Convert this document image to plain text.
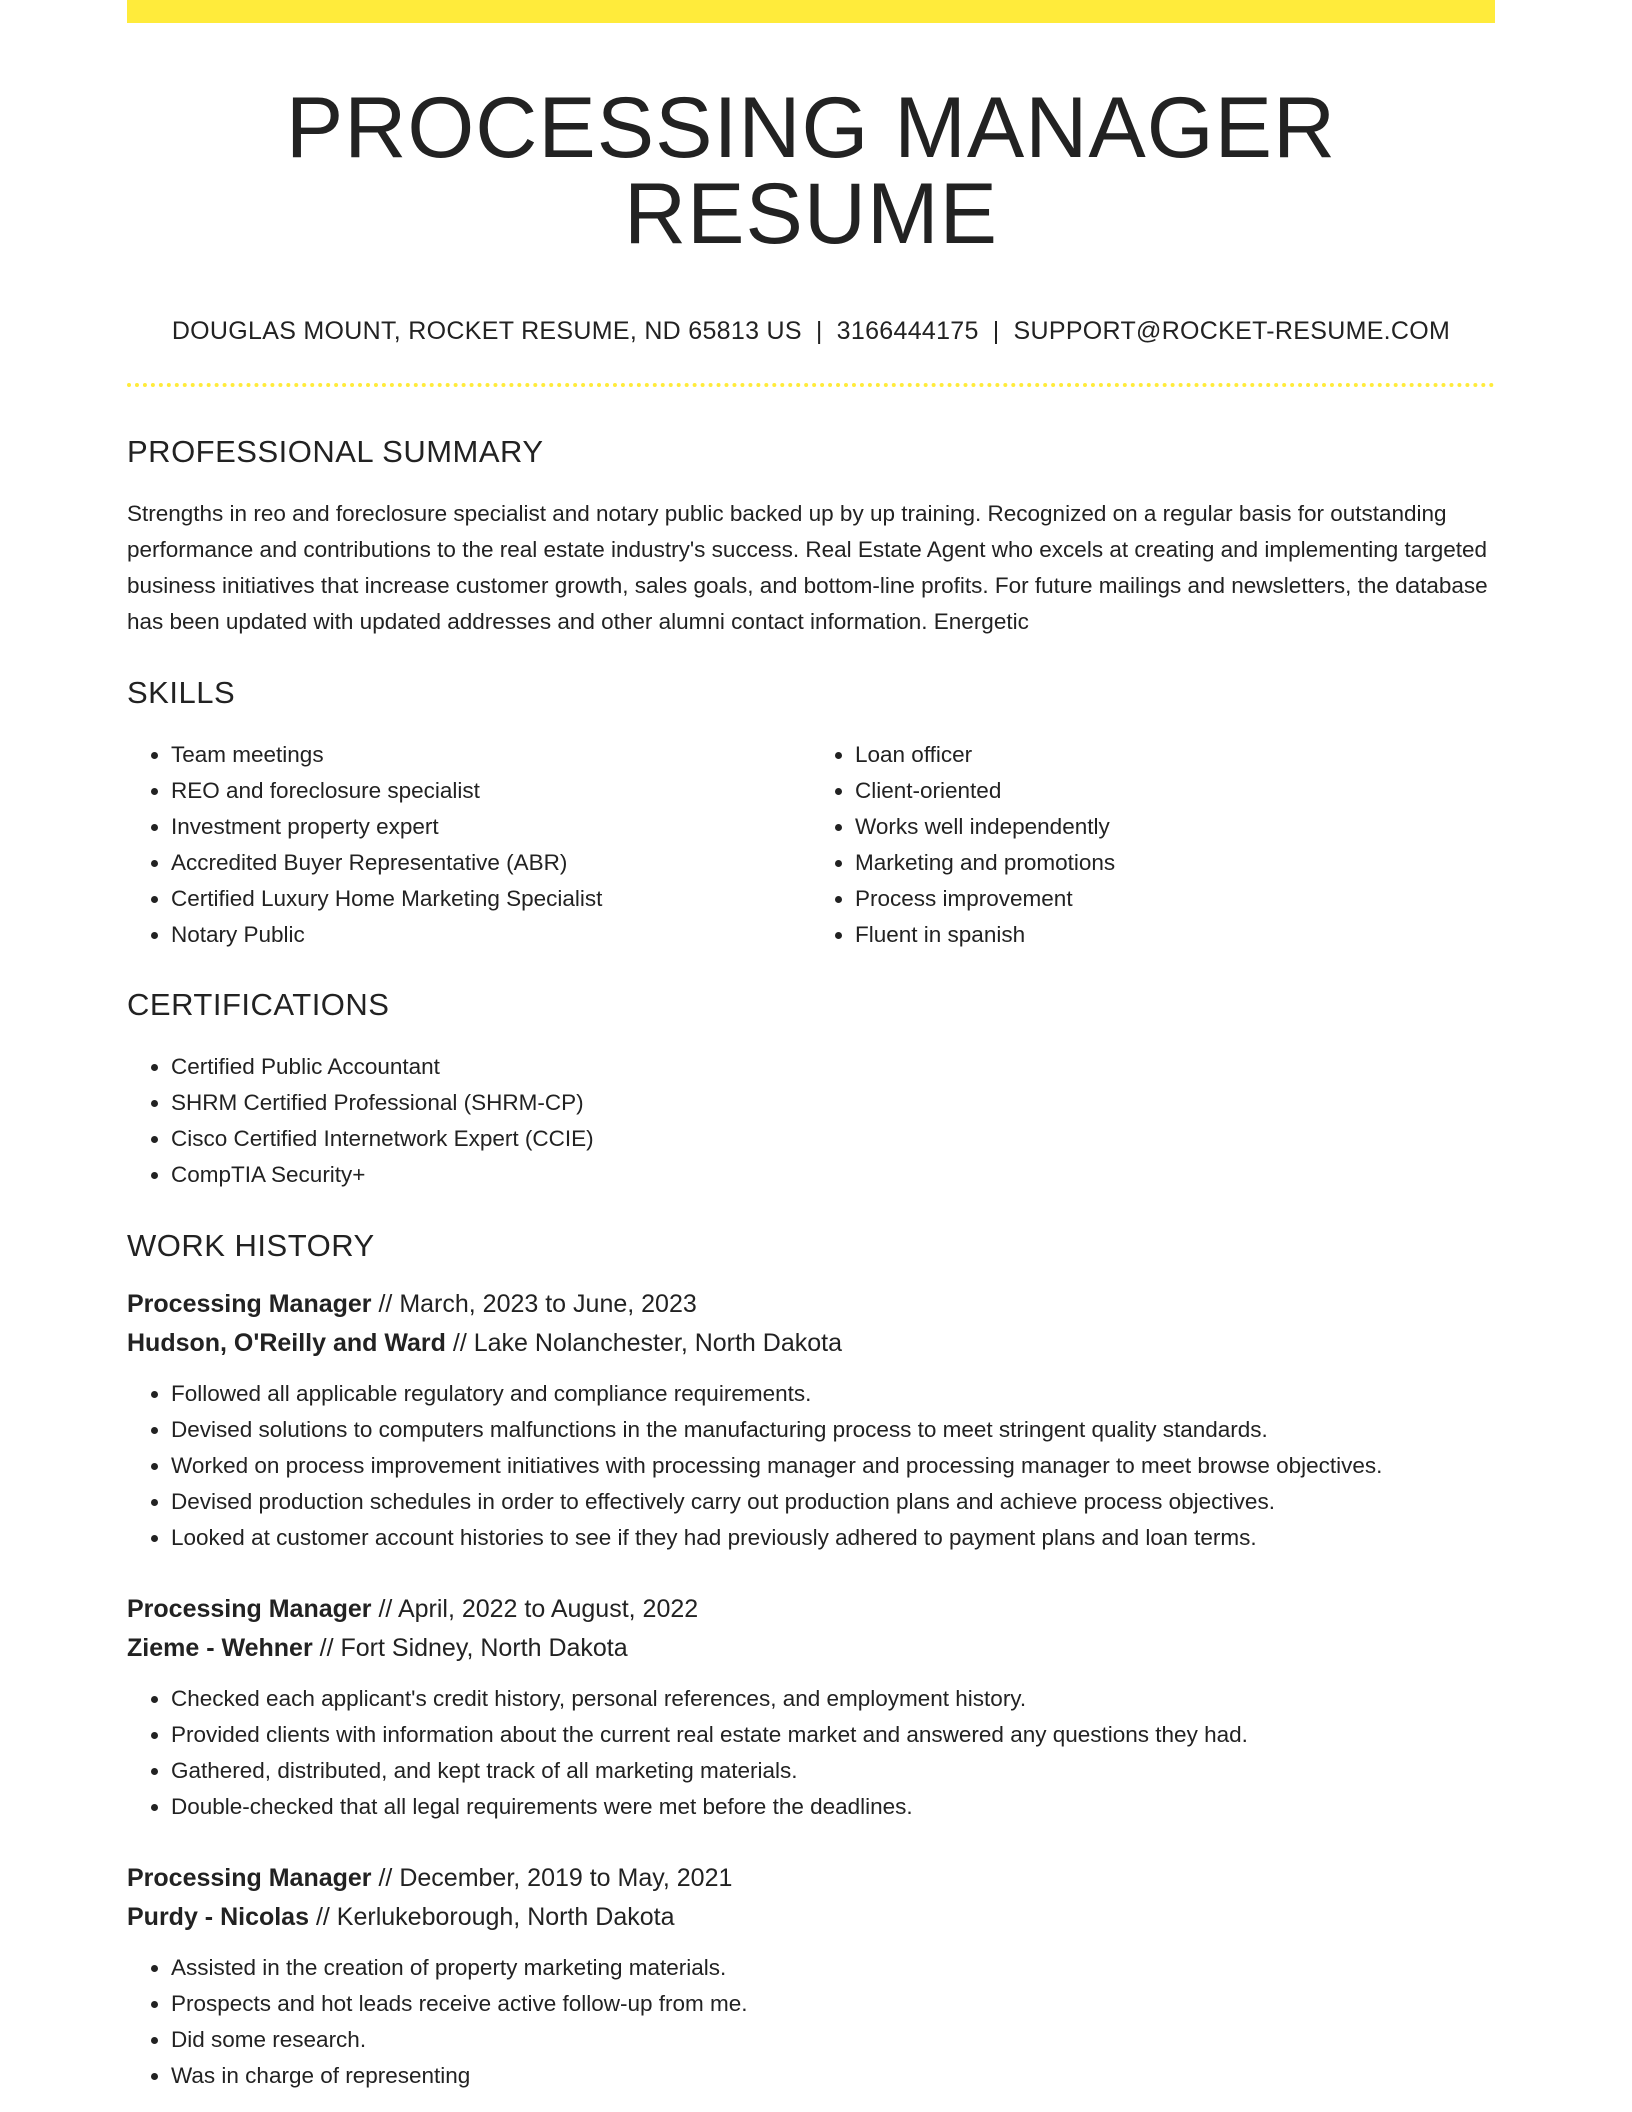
PROCESSING MANAGER RESUME
DOUGLAS MOUNT, ROCKET RESUME, ND 65813 US | 3166444175 | SUPPORT@ROCKET-RESUME.COM
PROFESSIONAL SUMMARY

Strengths in reo and foreclosure specialist and notary public backed up by up training. Recognized on a regular basis for outstanding performance and contributions to the real estate industry's success. Real Estate Agent who excels at creating and implementing targeted business initiatives that increase customer growth, sales goals, and bottom-line profits. For future mailings and newsletters, the database has been updated with updated addresses and other alumni contact information. Energetic

SKILLS
• Team meetings
• REO and foreclosure specialist
• Investment property expert
• Accredited Buyer Representative (ABR)
• Certified Luxury Home Marketing Specialist
• Notary Public
• Loan officer
• Client-oriented
• Works well independently
• Marketing and promotions
• Process improvement
• Fluent in spanish
CERTIFICATIONS
• Certified Public Accountant
• SHRM Certified Professional (SHRM-CP)
• Cisco Certified Internetwork Expert (CCIE)
• CompTIA Security+
WORK HISTORY
Processing Manager // March, 2023 to June, 2023
Hudson, O'Reilly and Ward // Lake Nolanchester, North Dakota
• Followed all applicable regulatory and compliance requirements.
• Devised solutions to computers malfunctions in the manufacturing process to meet stringent quality standards.
• Worked on process improvement initiatives with processing manager and processing manager to meet browse objectives.
• Devised production schedules in order to effectively carry out production plans and achieve process objectives.
• Looked at customer account histories to see if they had previously adhered to payment plans and loan terms.
Processing Manager // April, 2022 to August, 2022
Zieme - Wehner // Fort Sidney, North Dakota
• Checked each applicant's credit history, personal references, and employment history.
• Provided clients with information about the current real estate market and answered any questions they had.
• Gathered, distributed, and kept track of all marketing materials.
• Double-checked that all legal requirements were met before the deadlines.
Processing Manager // December, 2019 to May, 2021
Purdy - Nicolas // Kerlukeborough, North Dakota
• Assisted in the creation of property marketing materials.
• Prospects and hot leads receive active follow-up from me.
• Did some research.
• Was in charge of representing
